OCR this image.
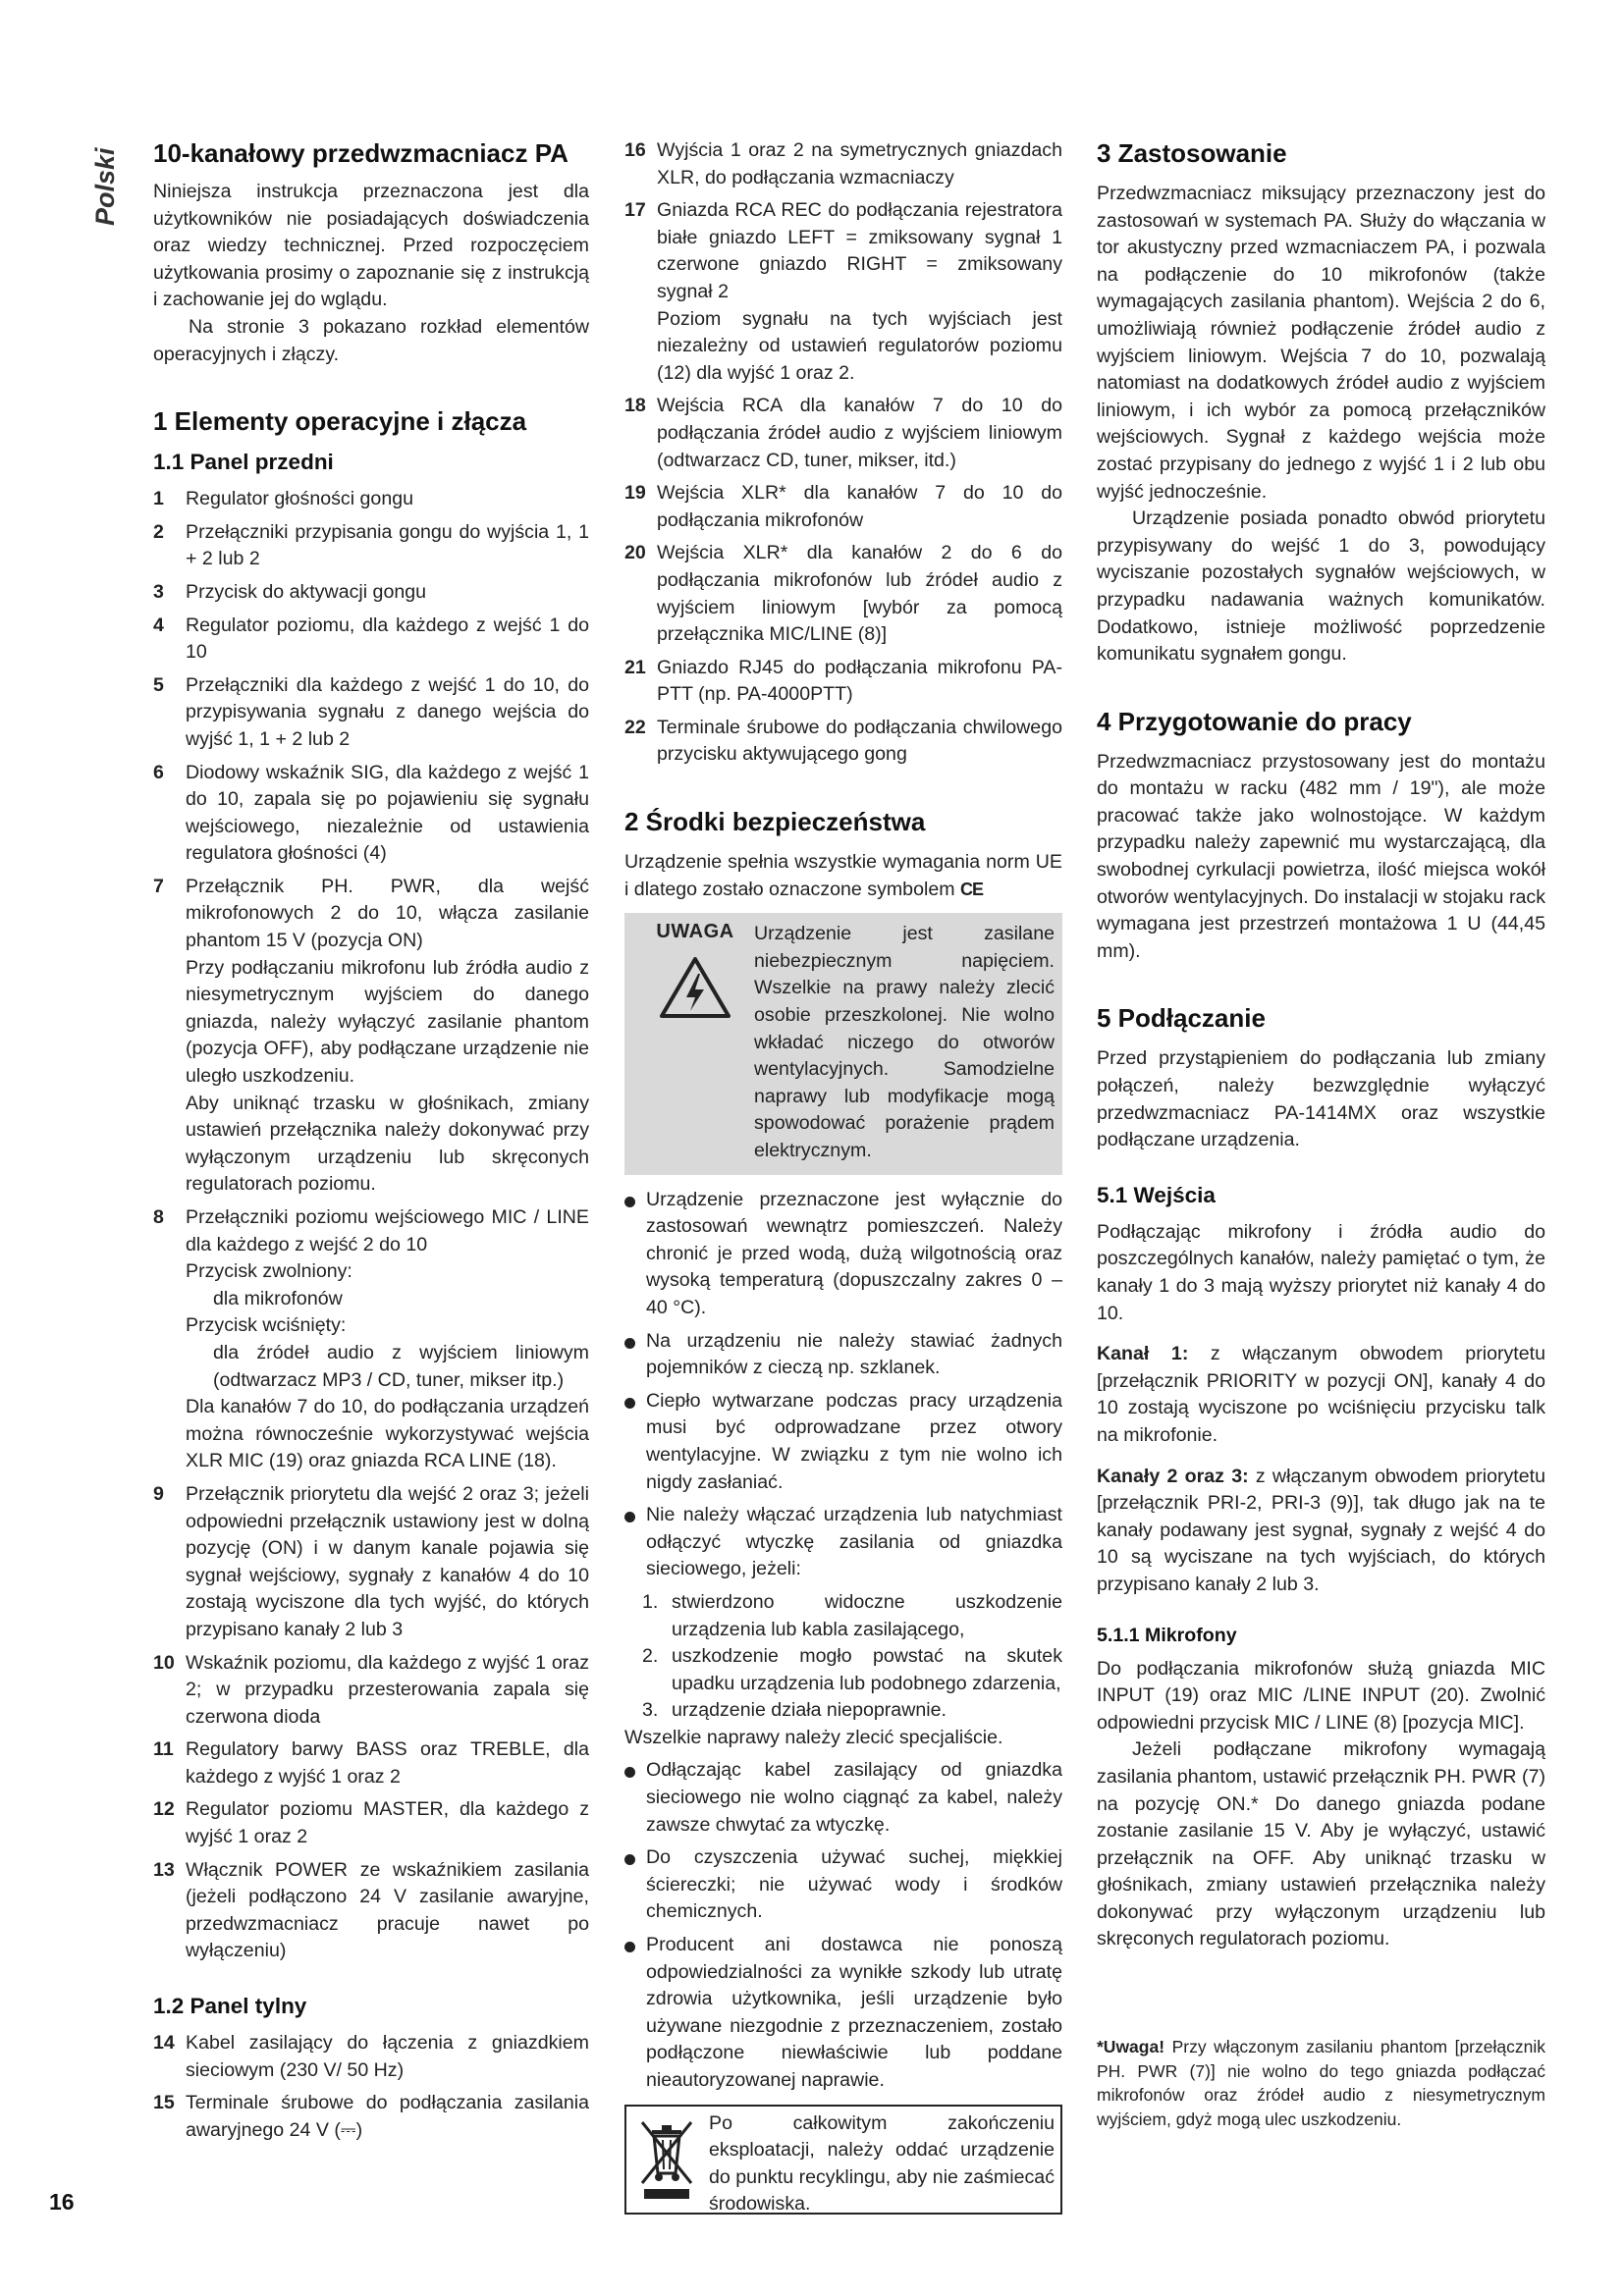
Polski 10-kanałowy przedwzmacniacz PA

Niniejsza instrukcja przeznaczona jest dla użytkowników nie posiadających doświadczenia oraz wiedzy technicznej. Przed rozpoczęciem użytkowania prosimy o zapoznanie się z instrukcją i zachowanie jej do wglądu.

Na stronie 3 pokazano rozkład elementów operacyjnych i złączy.

1 Elementy operacyjne i złącza
1.1 Panel przedni
1	Regulator głośności gongu
2	Przełączniki przypisania gongu do wyjścia 1, 1 + 2 lub 2
3	Przycisk do aktywacji gongu
4	Regulator poziomu, dla każdego z wejść 1 do 10
5	Przełączniki dla każdego z wejść 1 do 10, do przypisywania sygnału z danego wejścia do wyjść 1, 1 + 2 lub 2
6	Diodowy wskaźnik SIG, dla każdego z wejść 1 do 10, zapala się po pojawieniu się sygnału wejściowego, niezależnie od ustawienia regulatora głośności (4)
7	Przełącznik PH. PWR, dla wejść mikrofonowych 2 do 10, włącza zasilanie phantom 15 V (pozycja ON)

Przy podłączaniu mikrofonu lub źródła audio z niesymetrycznym wyjściem do danego gniazda, należy wyłączyć zasilanie phantom (pozycja OFF), aby podłączane urządzenie nie uległo uszkodzeniu.

Aby uniknąć trzasku w głośnikach, zmiany ustawień przełącznika należy dokonywać przy wyłączonym urządzeniu lub skręconych regulatorach poziomu.

8	Przełączniki poziomu wejściowego MIC / LINE dla każdego z wejść 2 do 10

Przycisk zwolniony:

dla mikrofonów

Przycisk wciśnięty:

dla źródeł audio z wyjściem liniowym (odtwarzacz MP3 / CD, tuner, mikser itp.)

Dla kanałów 7 do 10, do podłączania urządzeń można równocześnie wykorzystywać wejścia XLR MIC (19) oraz gniazda RCA LINE (18).

9	Przełącznik priorytetu dla wejść 2 oraz 3; jeżeli odpowiedni przełącznik ustawiony jest w dolną pozycję (ON) i w danym kanale pojawia się sygnał wejściowy, sygnały z kanałów 4 do 10 zostają wyciszone dla tych wyjść, do których przypisano kanały 2 lub 3
10 Wskaźnik poziomu, dla każdego z wyjść 1 oraz 2; w przypadku przesterowania zapala się czerwona dioda
11 Regulatory barwy BASS oraz TREBLE, dla każdego z wyjść 1 oraz 2
12 Regulator poziomu MASTER, dla każdego z wyjść 1 oraz 2
13 Włącznik POWER ze wskaźnikiem zasilania (jeżeli podłączono 24 V zasilanie awaryjne, przedwzmacniacz pracuje nawet po wyłączeniu)
1.2 Panel tylny
14 Kabel zasilający do łączenia z gniazdkiem sieciowym (230 V/ 50 Hz)
15 Terminale śrubowe do podłączania zasilania awaryjnego 24 V (⎓)
16 Wyjścia 1 oraz 2 na symetrycznych gniazdach XLR, do podłączania wzmacniaczy
17 Gniazda RCA REC do podłączania rejestratora białe gniazdo LEFT = zmiksowany sygnał 1 czerwone gniazdo RIGHT = zmiksowany sygnał 2

Poziom sygnału na tych wyjściach jest niezależny od ustawień regulatorów poziomu (12) dla wyjść 1 oraz 2.

18 Wejścia RCA dla kanałów 7 do 10 do podłączania źródeł audio z wyjściem liniowym (odtwarzacz CD, tuner, mikser, itd.)
19 Wejścia XLR* dla kanałów 7 do 10 do podłączania mikrofonów
20 Wejścia XLR* dla kanałów 2 do 6 do podłączania mikrofonów lub źródeł audio z wyjściem liniowym [wybór za pomocą przełącznika MIC/LINE (8)]
21 Gniazdo RJ45 do podłączania mikrofonu PA-PTT (np. PA-4000PTT)
22 Terminale śrubowe do podłączania chwilowego przycisku aktywującego gong
2 Środki bezpieczeństwa

Urządzenie spełnia wszystkie wymagania norm UE i dlatego zostało oznaczone symbolem CE

UWAGA	Urządzenie jest zasilane niebezpiecznym napięciem. Wszelkie na prawy należy zlecić osobie przeszkolonej. Nie wolno wkładać niczego do otworów wentylacyjnych. Samodzielne naprawy lub modyfikacje mogą spowodować porażenie prądem elektrycznym.
Urządzenie przeznaczone jest wyłącznie do zastosowań wewnątrz pomieszczeń. Należy chronić je przed wodą, dużą wilgotnością oraz wysoką temperaturą (dopuszczalny zakres 0 – 40 °C).
Na urządzeniu nie należy stawiać żadnych pojemników z cieczą np. szklanek.
Ciepło wytwarzane podczas pracy urządzenia musi być odprowadzane przez otwory wentylacyjne. W związku z tym nie wolno ich nigdy zasłaniać.
Nie należy włączać urządzenia lub natychmiast odłączyć wtyczkę zasilania od gniazdka sieciowego, jeżeli:
1. stwierdzono widoczne uszkodzenie urządzenia lub kabla zasilającego,
2. uszkodzenie mogło powstać na skutek upadku urządzenia lub podobnego zdarzenia,
3. urządzenie działa niepoprawnie.

Wszelkie naprawy należy zlecić specjaliście.

Odłączając kabel zasilający od gniazdka sieciowego nie wolno ciągnąć za kabel, należy zawsze chwytać za wtyczkę.
Do czyszczenia używać suchej, miękkiej ściereczki; nie używać wody i środków chemicznych.
Producent ani dostawca nie ponoszą odpowiedzialności za wynikłe szkody lub utratę zdrowia użytkownika, jeśli urządzenie było używane niezgodnie z przeznaczeniem, zostało podłączone niewłaściwie lub poddane nieautoryzowanej naprawie.
Po całkowitym zakończeniu eksploatacji, należy oddać urządzenie do punktu recyklingu, aby nie zaśmiecać środowiska.
3 Zastosowanie

Przedwzmacniacz miksujący przeznaczony jest do zastosowań w systemach PA. Służy do włączania w tor akustyczny przed wzmacniaczem PA, i pozwala na podłączenie do 10 mikrofonów (także wymagających zasilania phantom). Wejścia 2 do 6, umożliwiają również podłączenie źródeł audio z wyjściem liniowym. Wejścia 7 do 10, pozwalają natomiast na dodatkowych źródeł audio z wyjściem liniowym, i ich wybór za pomocą przełączników wejściowych. Sygnał z każdego wejścia może zostać przypisany do jednego z wyjść 1 i 2 lub obu wyjść jednocześnie.

Urządzenie posiada ponadto obwód priorytetu przypisywany do wejść 1 do 3, powodujący wyciszanie pozostałych sygnałów wejściowych, w przypadku nadawania ważnych komunikatów. Dodatkowo, istnieje możliwość poprzedzenie komunikatu sygnałem gongu.

4 Przygotowanie do pracy

Przedwzmacniacz przystosowany jest do montażu do montażu w racku (482 mm / 19"), ale może pracować także jako wolnostojące. W każdym przypadku należy zapewnić mu wystarczającą, dla swobodnej cyrkulacji powietrza, ilość miejsca wokół otworów wentylacyjnych. Do instalacji w stojaku rack wymagana jest przestrzeń montażowa 1 U (44,45 mm).

5 Podłączanie

Przed przystąpieniem do podłączania lub zmiany połączeń, należy bezwzględnie wyłączyć przedwzmacniacz PA-1414MX oraz wszystkie podłączane urządzenia.

5.1 Wejścia

Podłączając mikrofony i źródła audio do poszczególnych kanałów, należy pamiętać o tym, że kanały 1 do 3 mają wyższy priorytet niż kanały 4 do 10.

Kanał 1: z włączanym obwodem priorytetu [przełącznik PRIORITY w pozycji ON], kanały 4 do 10 zostają wyciszone po wciśnięciu przycisku talk na mikrofonie.

Kanały 2 oraz 3: z włączanym obwodem priorytetu [przełącznik PRI-2, PRI-3 (9)], tak długo jak na te kanały podawany jest sygnał, sygnały z wejść 4 do 10 są wyciszane na tych wyjściach, do których przypisano kanały 2 lub 3.

5.1.1 Mikrofony

Do podłączania mikrofonów służą gniazda MIC INPUT (19) oraz MIC /LINE INPUT (20). Zwolnić odpowiedni przycisk MIC / LINE (8) [pozycja MIC].

Jeżeli podłączane mikrofony wymagają zasilania phantom, ustawić przełącznik PH. PWR (7) na pozycję ON.* Do danego gniazda podane zostanie zasilanie 15 V. Aby je wyłączyć, ustawić przełącznik na OFF. Aby uniknąć trzasku w głośnikach, zmiany ustawień przełącznika należy dokonywać przy wyłączonym urządzeniu lub skręconych regulatorach poziomu.

*Uwaga! Przy włączonym zasilaniu phantom [przełącznik PH. PWR (7)] nie wolno do tego gniazda podłączać mikrofonów oraz źródeł audio z niesymetrycznym wyjściem, gdyż mogą ulec uszkodzeniu.
16
